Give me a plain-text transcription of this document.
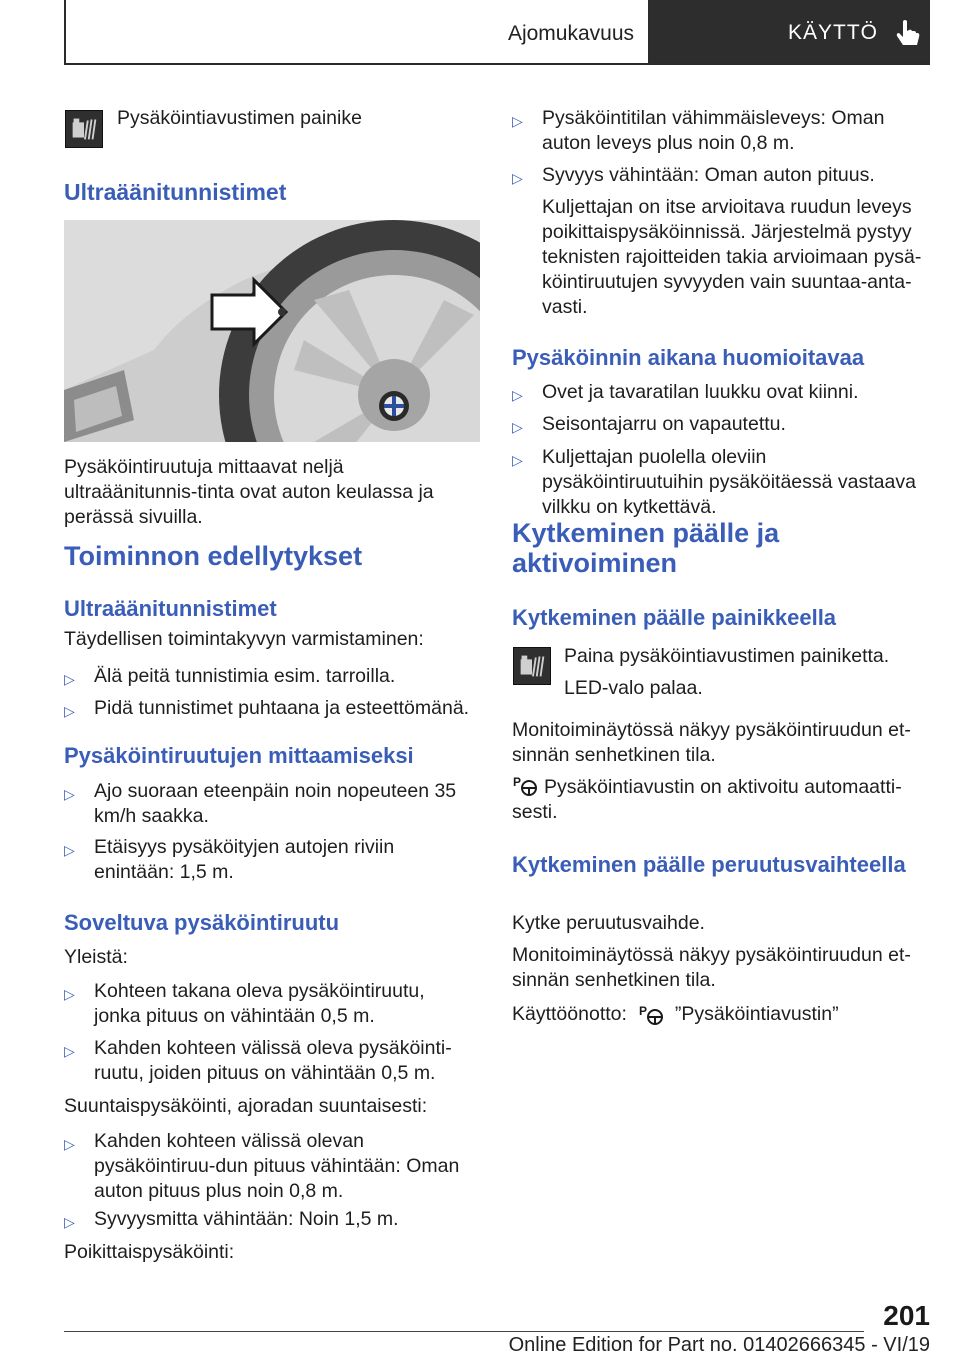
Ajomukavuus	KÄYTTÖ
Pysäköintiavustimen painike
Ultraäänitunnistimet
Pysäköintiruutuja mittaavat neljä ultraäänitunnis-tinta ovat auton keulassa ja perässä sivuilla.
Toiminnon edellytykset
Ultraäänitunnistimet
Täydellisen toimintakyvyn varmistaminen:
▷ Älä peitä tunnistimia esim. tarroilla.
▷ Pidä tunnistimet puhtaana ja esteettömänä.
Pysäköintiruutujen mittaamiseksi
▷ Ajo suoraan eteenpäin noin nopeuteen 35 km/h saakka.
▷ Etäisyys pysäköityjen autojen riviin enintään: 1,5 m.
Soveltuva pysäköintiruutu
Yleistä:
▷ Kohteen takana oleva pysäköintiruutu, jonka pituus on vähintään 0,5 m.
▷ Kahden kohteen välissä oleva pysäköinti-ruutu, joiden pituus on vähintään 0,5 m.
Suuntaispysäköinti, ajoradan suuntaisesti:
▷ Kahden kohteen välissä olevan pysäköintiruu-dun pituus vähintään: Oman auton pituus plus noin 0,8 m.
▷ Syvyysmitta vähintään: Noin 1,5 m.
Poikittaispysäköinti:
▷ Pysäköintitilan vähimmäisleveys: Oman auton leveys plus noin 0,8 m.
▷ Syvyys vähintään: Oman auton pituus.
Kuljettajan on itse arvioitava ruudun leveys poikittaispysäköinnissä. Järjestelmä pystyy teknisten rajoitteiden takia arvioimaan pysä-köintiruutujen syvyyden vain suuntaa-anta-vasti.
Pysäköinnin aikana huomioitavaa
▷ Ovet ja tavaratilan luukku ovat kiinni.
▷ Seisontajarru on vapautettu.
▷ Kuljettajan puolella oleviin pysäköintiruutuihin pysäköitäessä vastaava vilkku on kytkettävä.
Kytkeminen päälle ja aktivoiminen
Kytkeminen päälle painikkeella
Paina pysäköintiavustimen painiketta.
LED-valo palaa.
Monitoiminäytössä näkyy pysäköintiruudun et-sinnän senhetkinen tila.
P	Pysäköintiavustin on aktivoitu automaatti-sesti.
Kytkeminen päälle peruutusvaihteella
Kytke peruutusvaihde.
Monitoiminäytössä näkyy pysäköintiruudun et-sinnän senhetkinen tila.
Käyttöönotto: P ”Pysäköintiavustin”
201
Online Edition for Part no. 01402666345 - VI/19
